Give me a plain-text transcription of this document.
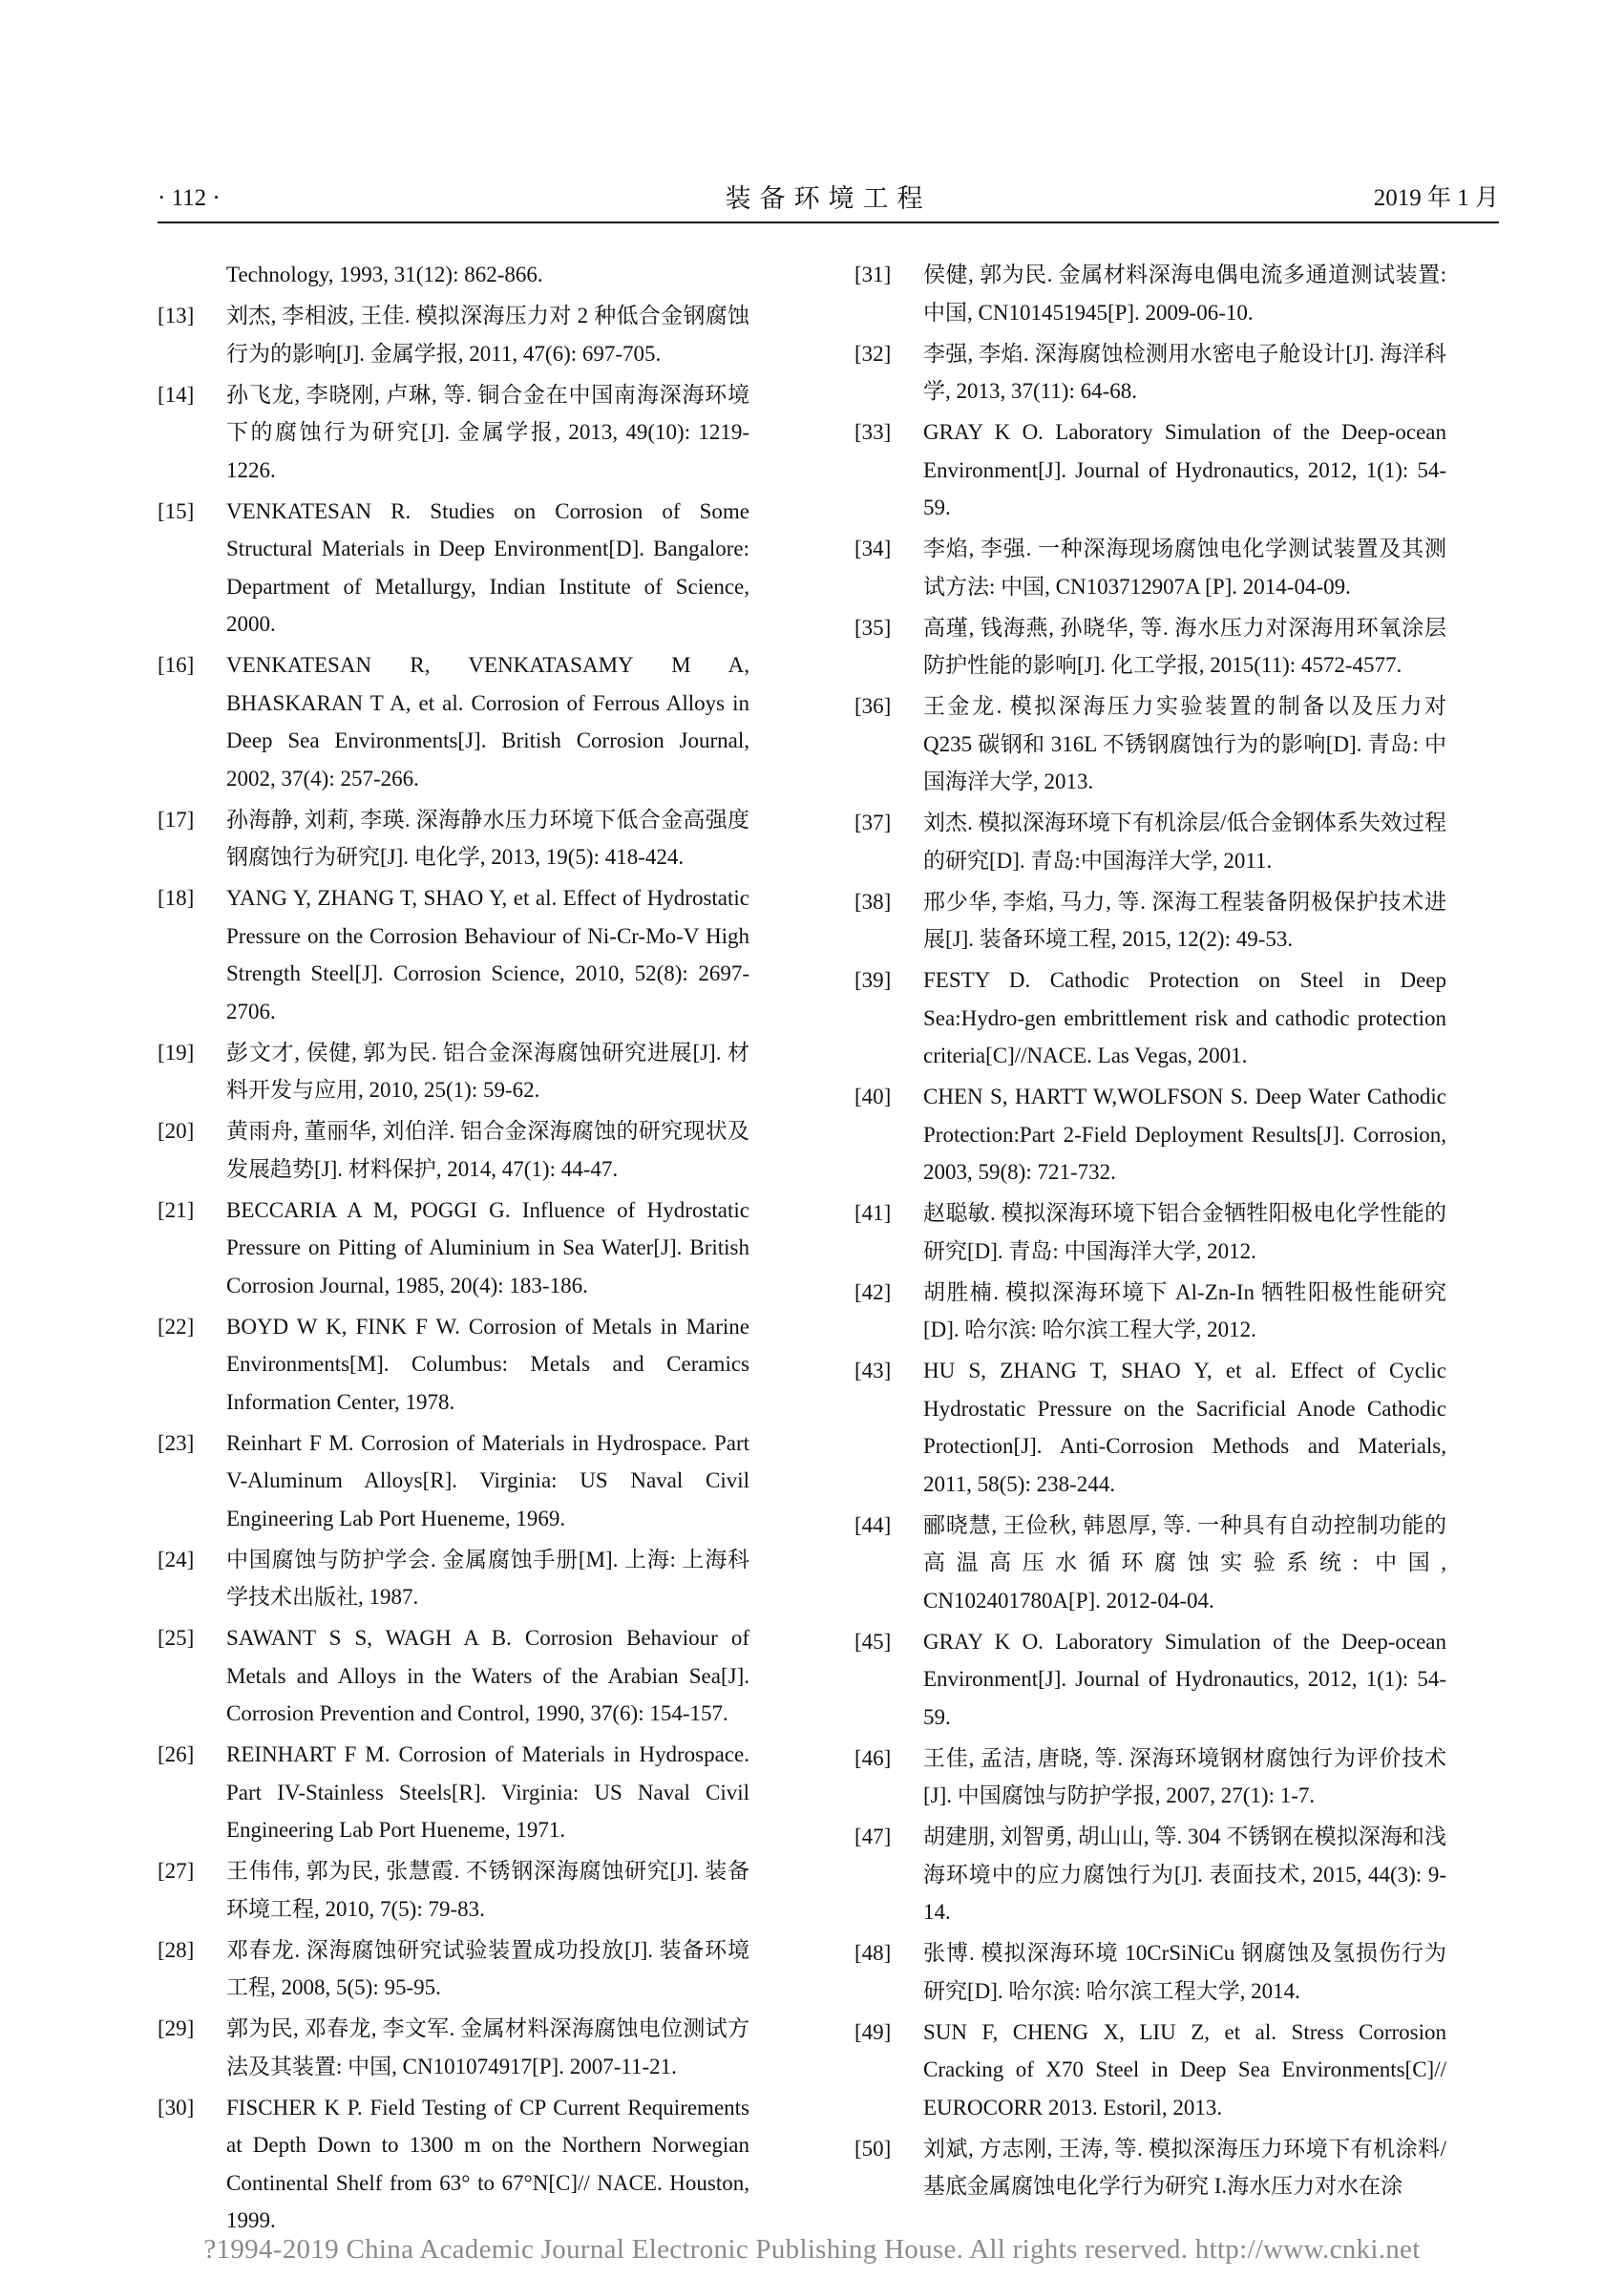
· 112 ·	装备环境工程	2019 年 1 月
Technology, 1993, 31(12): 862-866.
[13] 刘杰, 李相波, 王佳. 模拟深海压力对 2 种低合金钢腐蚀行为的影响[J]. 金属学报, 2011, 47(6): 697-705.
[14] 孙飞龙, 李晓刚, 卢琳, 等. 铜合金在中国南海深海环境下的腐蚀行为研究[J]. 金属学报, 2013, 49(10): 1219-1226.
[15] VENKATESAN R. Studies on Corrosion of Some Structural Materials in Deep Environment[D]. Bangalore: Department of Metallurgy, Indian Institute of Science, 2000.
[16] VENKATESAN R, VENKATASAMY M A, BHASKARAN T A, et al. Corrosion of Ferrous Alloys in Deep Sea Environments[J]. British Corrosion Journal, 2002, 37(4): 257-266.
[17] 孙海静, 刘莉, 李瑛. 深海静水压力环境下低合金高强度钢腐蚀行为研究[J]. 电化学, 2013, 19(5): 418-424.
[18] YANG Y, ZHANG T, SHAO Y, et al. Effect of Hydrostatic Pressure on the Corrosion Behaviour of Ni-Cr-Mo-V High Strength Steel[J]. Corrosion Science, 2010, 52(8): 2697-2706.
[19] 彭文才, 侯健, 郭为民. 铝合金深海腐蚀研究进展[J]. 材料开发与应用, 2010, 25(1): 59-62.
[20] 黄雨舟, 董丽华, 刘伯洋. 铝合金深海腐蚀的研究现状及发展趋势[J]. 材料保护, 2014, 47(1): 44-47.
[21] BECCARIA A M, POGGI G. Influence of Hydrostatic Pressure on Pitting of Aluminium in Sea Water[J]. British Corrosion Journal, 1985, 20(4): 183-186.
[22] BOYD W K, FINK F W. Corrosion of Metals in Marine Environments[M]. Columbus: Metals and Ceramics Information Center, 1978.
[23] Reinhart F M. Corrosion of Materials in Hydrospace. Part V-Aluminum Alloys[R]. Virginia: US Naval Civil Engineering Lab Port Hueneme, 1969.
[24] 中国腐蚀与防护学会. 金属腐蚀手册[M]. 上海: 上海科学技术出版社, 1987.
[25] SAWANT S S, WAGH A B. Corrosion Behaviour of Metals and Alloys in the Waters of the Arabian Sea[J]. Corrosion Prevention and Control, 1990, 37(6): 154-157.
[26] REINHART F M. Corrosion of Materials in Hydrospace. Part IV-Stainless Steels[R]. Virginia: US Naval Civil Engineering Lab Port Hueneme, 1971.
[27] 王伟伟, 郭为民, 张慧霞. 不锈钢深海腐蚀研究[J]. 装备环境工程, 2010, 7(5): 79-83.
[28] 邓春龙. 深海腐蚀研究试验装置成功投放[J]. 装备环境工程, 2008, 5(5): 95-95.
[29] 郭为民, 邓春龙, 李文军. 金属材料深海腐蚀电位测试方法及其装置: 中国, CN101074917[P]. 2007-11-21.
[30] FISCHER K P. Field Testing of CP Current Requirements at Depth Down to 1300 m on the Northern Norwegian Continental Shelf from 63° to 67°N[C]// NACE. Houston, 1999.
[31] 侯健, 郭为民. 金属材料深海电偶电流多通道测试装置: 中国, CN101451945[P]. 2009-06-10.
[32] 李强, 李焰. 深海腐蚀检测用水密电子舱设计[J]. 海洋科学, 2013, 37(11): 64-68.
[33] GRAY K O. Laboratory Simulation of the Deep-ocean Environment[J]. Journal of Hydronautics, 2012, 1(1): 54-59.
[34] 李焰, 李强. 一种深海现场腐蚀电化学测试装置及其测试方法: 中国, CN103712907A [P]. 2014-04-09.
[35] 高瑾, 钱海燕, 孙晓华, 等. 海水压力对深海用环氧涂层防护性能的影响[J]. 化工学报, 2015(11): 4572-4577.
[36] 王金龙. 模拟深海压力实验装置的制备以及压力对 Q235 碳钢和 316L 不锈钢腐蚀行为的影响[D]. 青岛: 中国海洋大学, 2013.
[37] 刘杰. 模拟深海环境下有机涂层/低合金钢体系失效过程的研究[D]. 青岛:中国海洋大学, 2011.
[38] 邢少华, 李焰, 马力, 等. 深海工程装备阴极保护技术进展[J]. 装备环境工程, 2015, 12(2): 49-53.
[39] FESTY D. Cathodic Protection on Steel in Deep Sea:Hydro-gen embrittlement risk and cathodic protection criteria[C]//NACE. Las Vegas, 2001.
[40] CHEN S, HARTT W,WOLFSON S. Deep Water Cathodic Protection:Part 2-Field Deployment Results[J]. Corrosion, 2003, 59(8): 721-732.
[41] 赵聪敏. 模拟深海环境下铝合金牺牲阳极电化学性能的研究[D]. 青岛: 中国海洋大学, 2012.
[42] 胡胜楠. 模拟深海环境下 Al-Zn-In 牺牲阳极性能研究[D]. 哈尔滨: 哈尔滨工程大学, 2012.
[43] HU S, ZHANG T, SHAO Y, et al. Effect of Cyclic Hydrostatic Pressure on the Sacrificial Anode Cathodic Protection[J]. Anti-Corrosion Methods and Materials, 2011, 58(5): 238-244.
[44] 郦晓慧, 王俭秋, 韩恩厚, 等. 一种具有自动控制功能的高温高压水循环腐蚀实验系统: 中国, CN102401780A[P]. 2012-04-04.
[45] GRAY K O. Laboratory Simulation of the Deep-ocean Environment[J]. Journal of Hydronautics, 2012, 1(1): 54-59.
[46] 王佳, 孟洁, 唐晓, 等. 深海环境钢材腐蚀行为评价技术[J]. 中国腐蚀与防护学报, 2007, 27(1): 1-7.
[47] 胡建朋, 刘智勇, 胡山山, 等. 304 不锈钢在模拟深海和浅海环境中的应力腐蚀行为[J]. 表面技术, 2015, 44(3): 9-14.
[48] 张博. 模拟深海环境 10CrSiNiCu 钢腐蚀及氢损伤行为研究[D]. 哈尔滨: 哈尔滨工程大学, 2014.
[49] SUN F, CHENG X, LIU Z, et al. Stress Corrosion Cracking of X70 Steel in Deep Sea Environments[C]// EUROCORR 2013. Estoril, 2013.
[50] 刘斌, 方志刚, 王涛, 等. 模拟深海压力环境下有机涂料/基底金属腐蚀电化学行为研究 I.海水压力对水在涂
?1994-2019 China Academic Journal Electronic Publishing House. All rights reserved. http://www.cnki.net
